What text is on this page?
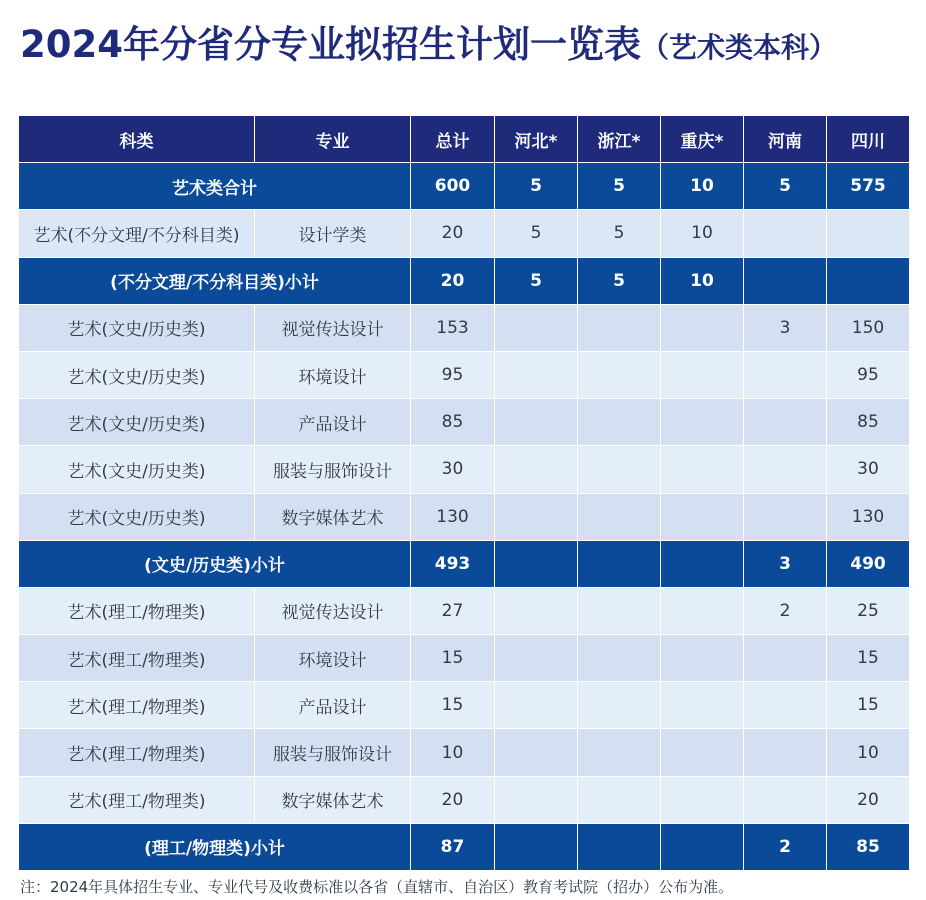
2024年分省分专业拟招生计划一览表（艺术类本科）
科类	专业	总计	河北*	浙江*	重庆*	河南	四川
艺术类合计		600	5	5	10	5	575
艺术(不分文理/不分科目类)	设计学类	20	5	5	10		
(不分文理/不分科目类)小计		20	5	5	10		
艺术(文史/历史类)	视觉传达设计	153				3	150
艺术(文史/历史类)	环境设计	95					95
艺术(文史/历史类)	产品设计	85					85
艺术(文史/历史类)	服装与服饰设计	30					30
艺术(文史/历史类)	数字媒体艺术	130					130
(文史/历史类)小计		493				3	490
艺术(理工/物理类)	视觉传达设计	27				2	25
艺术(理工/物理类)	环境设计	15					15
艺术(理工/物理类)	产品设计	15					15
艺术(理工/物理类)	服装与服饰设计	10					10
艺术(理工/物理类)	数字媒体艺术	20					20
(理工/物理类)小计		87				2	85
注：2024年具体招生专业、专业代号及收费标准以各省（直辖市、自治区）教育考试院（招办）公布为准。
